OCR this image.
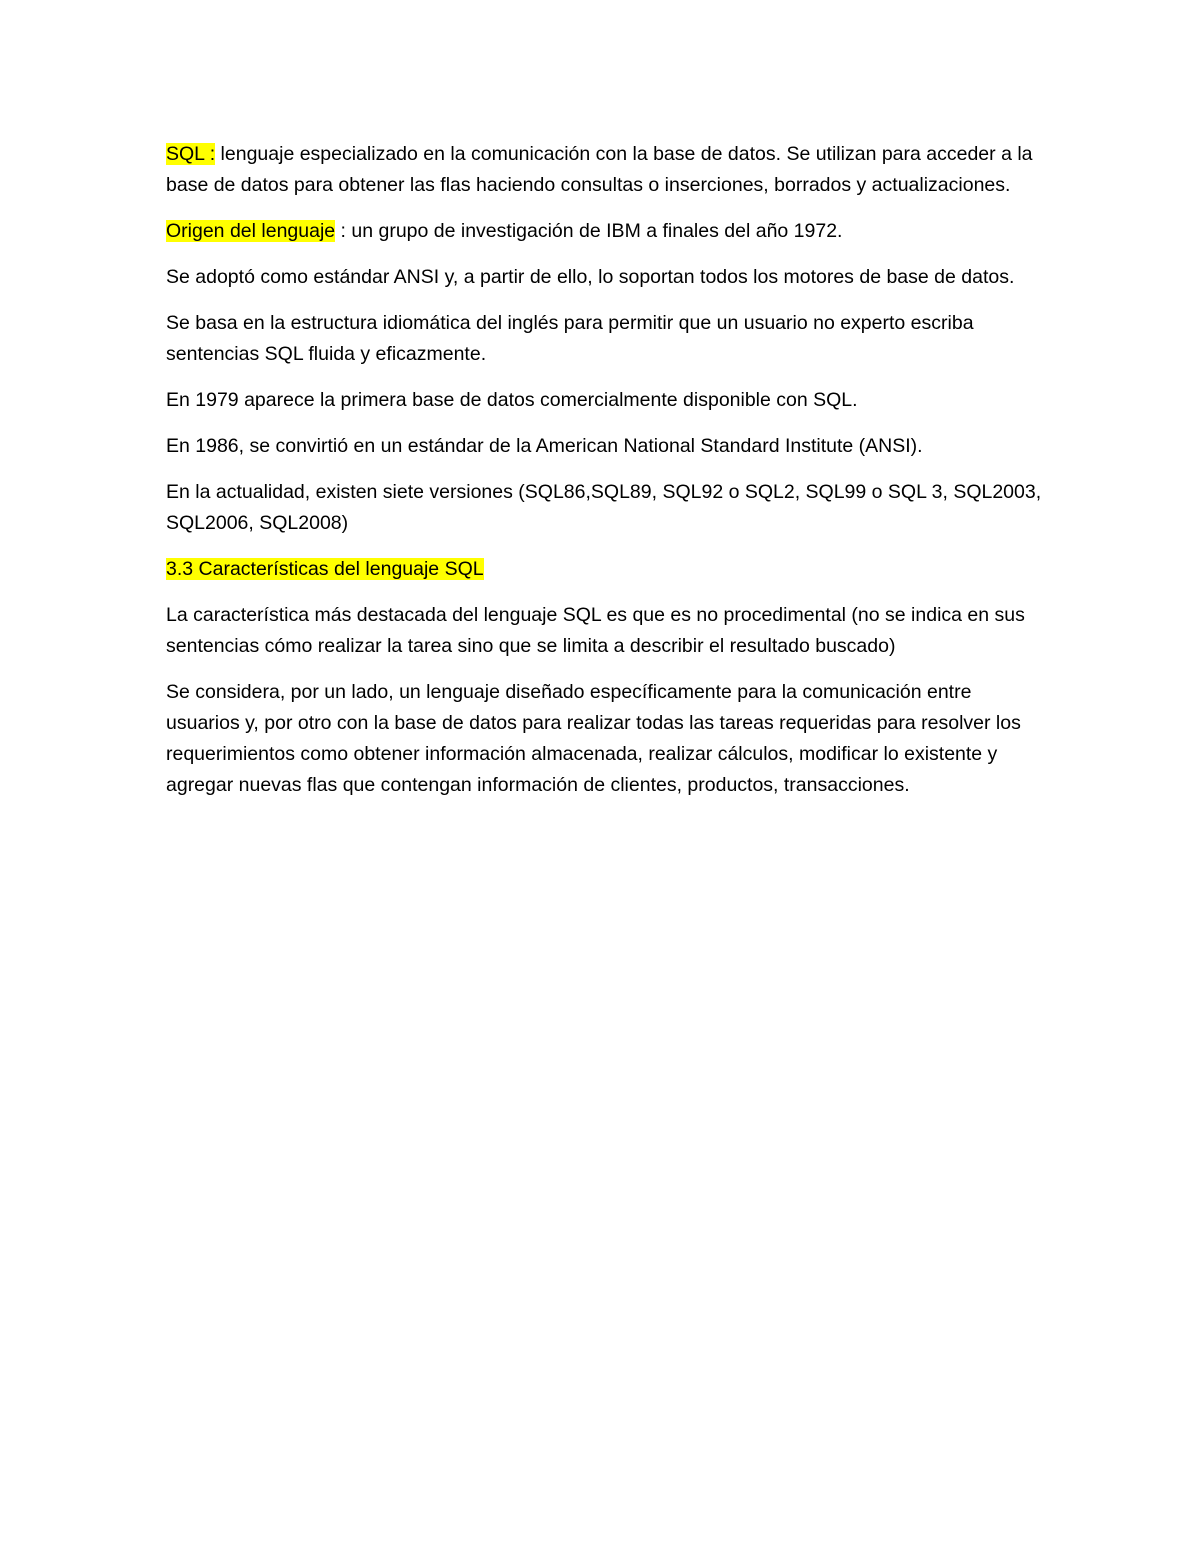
SQL : lenguaje especializado en la comunicación con la base de datos. Se utilizan para acceder a la base de datos para obtener las flas haciendo consultas o inserciones, borrados y actualizaciones.

Origen del lenguaje : un grupo de investigación de IBM a finales del año 1972.

Se adoptó como estándar ANSI y, a partir de ello, lo soportan todos los motores de base de datos.

Se basa en la estructura idiomática del inglés para permitir que un usuario no experto escriba sentencias SQL fluida y eficazmente.

En 1979 aparece la primera base de datos comercialmente disponible con SQL.

En 1986, se convirtió en un estándar de la American National Standard Institute (ANSI).

En la actualidad, existen siete versiones (SQL86,SQL89, SQL92 o SQL2, SQL99 o SQL 3, SQL2003, SQL2006, SQL2008)

3.3 Características del lenguaje SQL

La característica más destacada del lenguaje SQL es que es no procedimental (no se indica en sus sentencias cómo realizar la tarea sino que se limita a describir el resultado buscado)

Se considera, por un lado, un lenguaje diseñado específicamente para la comunicación entre usuarios y, por otro con la base de datos para realizar todas las tareas requeridas para resolver los requerimientos como obtener información almacenada, realizar cálculos, modificar lo existente y agregar nuevas flas que contengan información de clientes, productos, transacciones.
